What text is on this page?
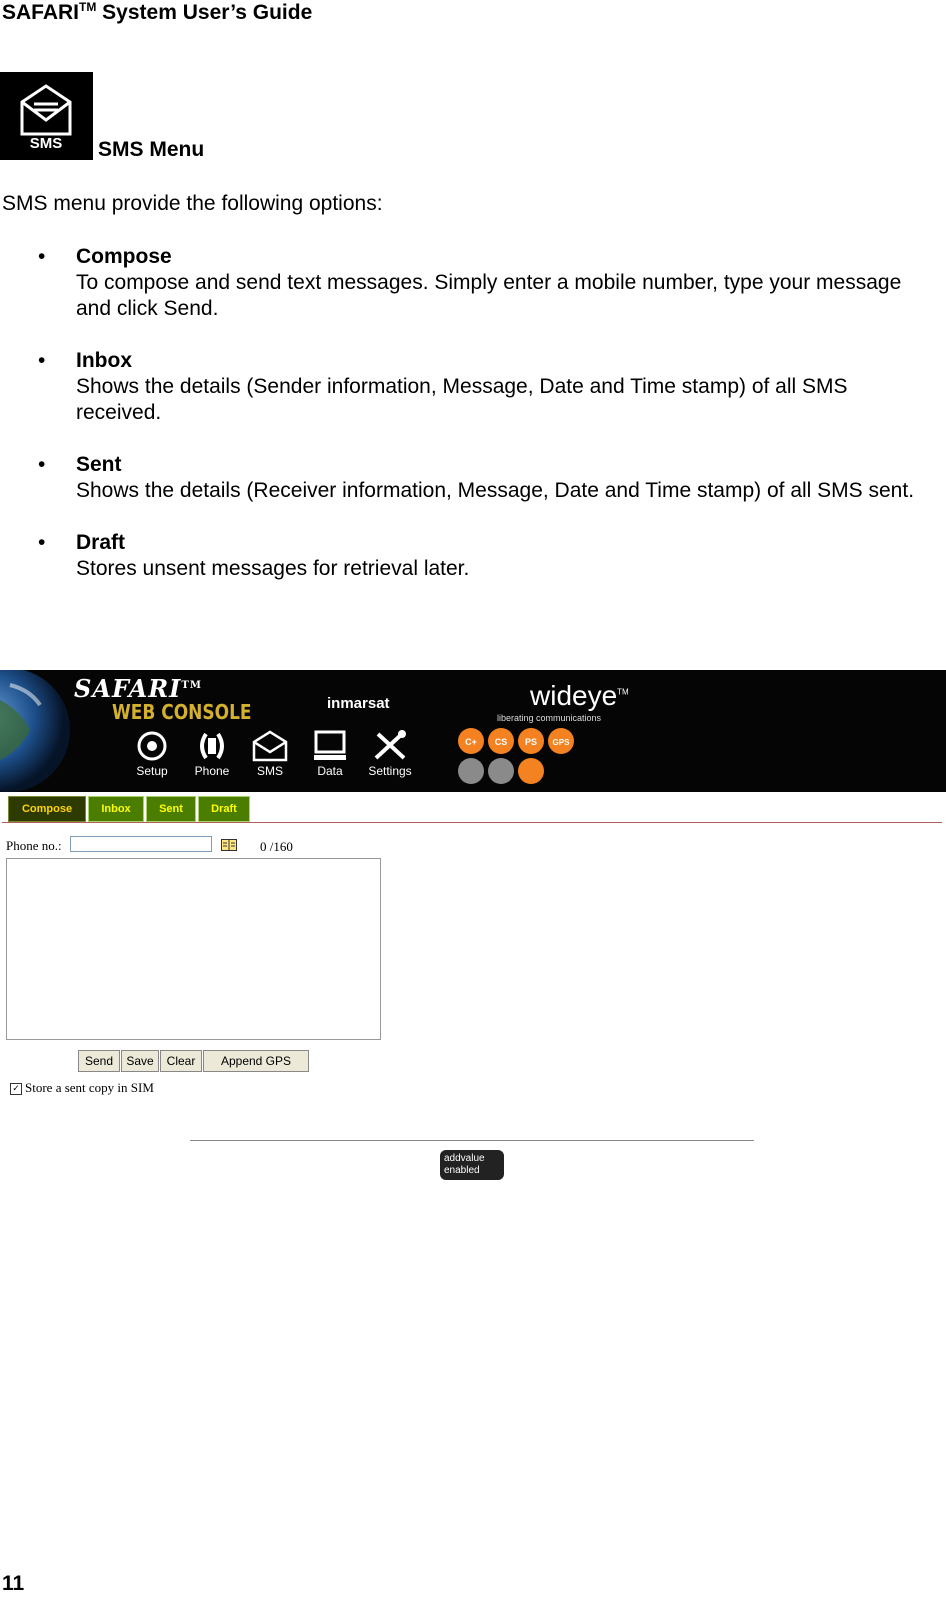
SAFARI™ System User’s Guide
SMS SMS Menu
SMS menu provide the following options:
• Compose
To compose and send text messages. Simply enter a mobile number, type your message and click Send.
• Inbox
Shows the details (Sender information, Message, Date and Time stamp) of all SMS received.
• Sent
Shows the details (Receiver information, Message, Date and Time stamp) of all SMS sent.
• Draft
Stores unsent messages for retrieval later.
SAFARI™
WEB CONSOLE	inmarsat	wideye™
liberating communications
Setup	Phone	SMS	Data	Settings
C+ CS PS GPS
Compose	Inbox	Sent	Draft
Phone no.:	0 /160
Send	Save	Clear	Append GPS
✓ Store a sent copy in SIM
addvalue
enabled
11
